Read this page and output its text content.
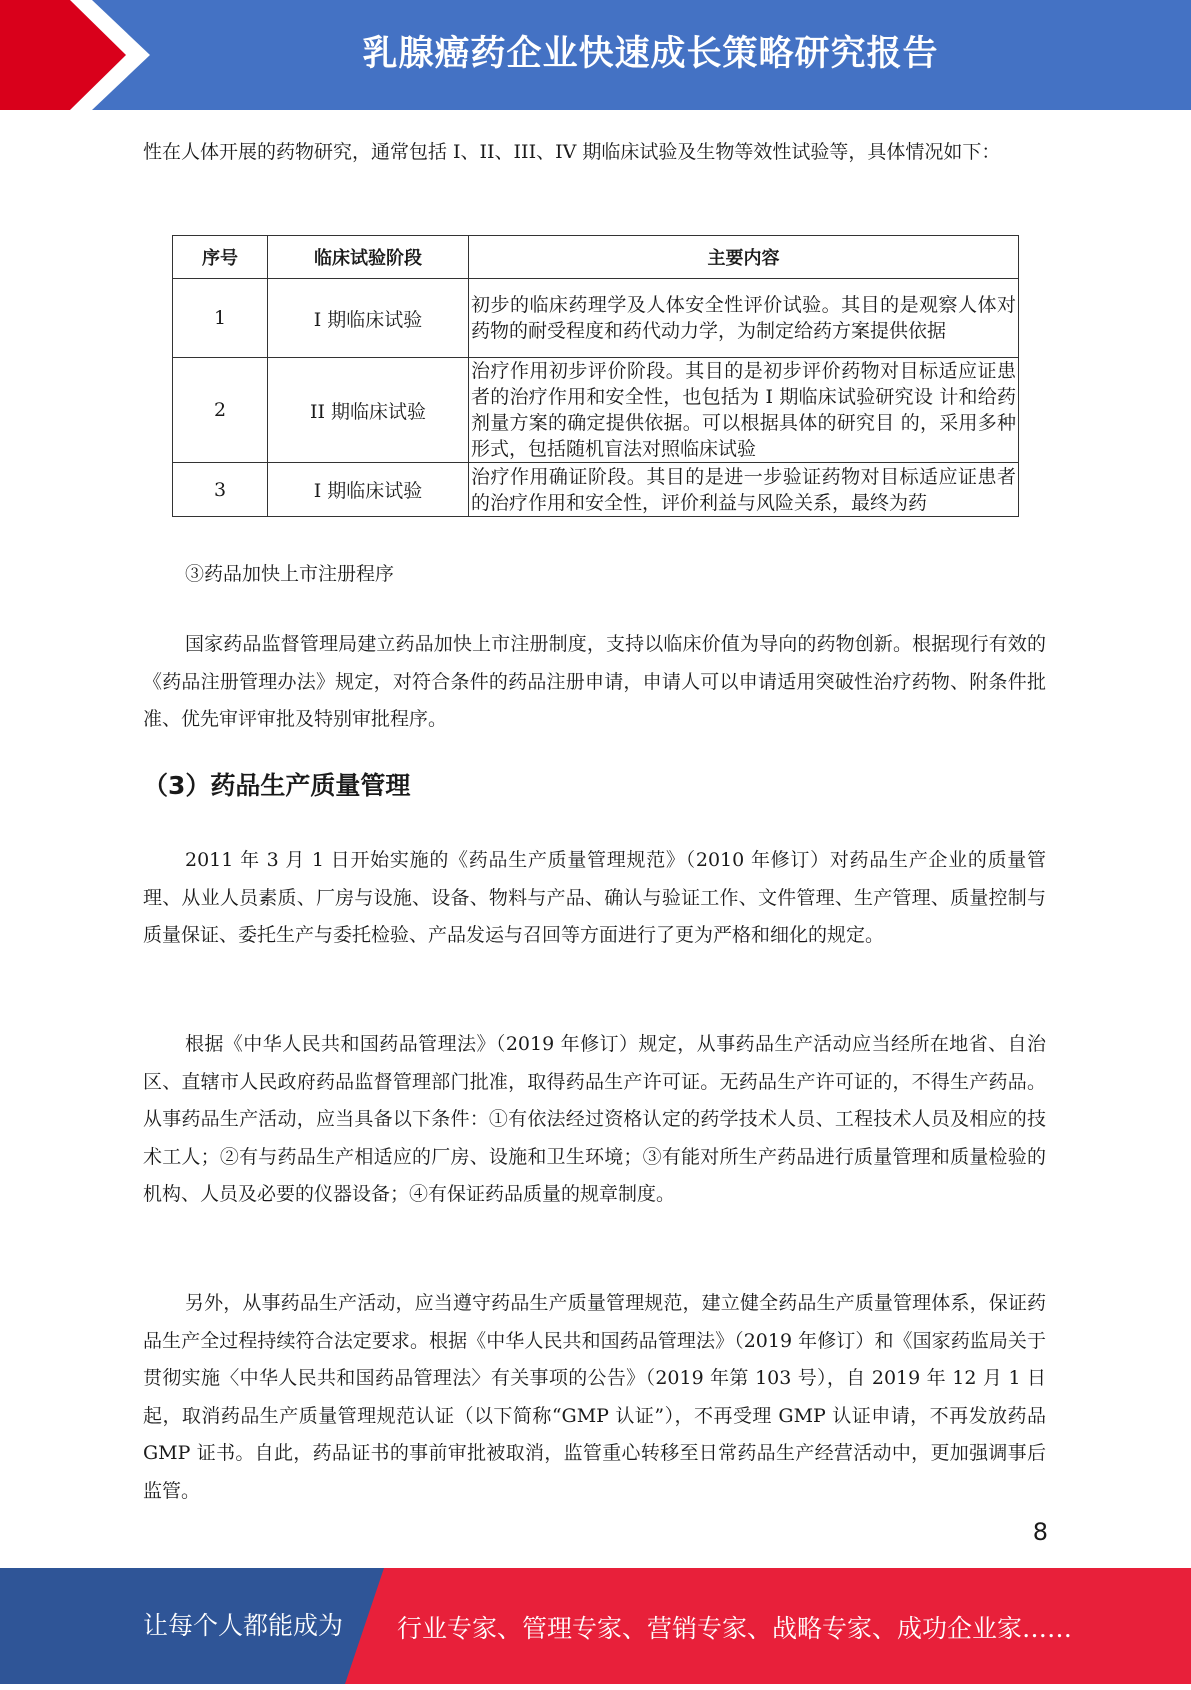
乳腺癌药企业快速成长策略研究报告

性在人体开展的药物研究，通常包括 I、II、III、IV 期临床试验及生物等效性试验等，具体情况如下：

序号	临床试验阶段	主要内容
1	I 期临床试验	初步的临床药理学及人体安全性评价试验。其目的是观察人体对药物的耐受程度和药代动力学，为制定给药方案提供依据
2	II 期临床试验	治疗作用初步评价阶段。其目的是初步评价药物对目标适应证患者的治疗作用和安全性，也包括为 I 期临床试验研究设 计和给药剂量方案的确定提供依据。可以根据具体的研究目 的，采用多种形式，包括随机盲法对照临床试验
3	I 期临床试验	治疗作用确证阶段。其目的是进一步验证药物对目标适应证患者的治疗作用和安全性，评价利益与风险关系，最终为药

③药品加快上市注册程序

国家药品监督管理局建立药品加快上市注册制度，支持以临床价值为导向的药物创新。根据现行有效的《药品注册管理办法》规定，对符合条件的药品注册申请，申请人可以申请适用突破性治疗药物、附条件批准、优先审评审批及特别审批程序。

（3）药品生产质量管理

2011 年 3 月 1 日开始实施的《药品生产质量管理规范》（2010 年修订）对药品生产企业的质量管理、从业人员素质、厂房与设施、设备、物料与产品、确认与验证工作、文件管理、生产管理、质量控制与质量保证、委托生产与委托检验、产品发运与召回等方面进行了更为严格和细化的规定。

根据《中华人民共和国药品管理法》（2019 年修订）规定，从事药品生产活动应当经所在地省、自治区、直辖市人民政府药品监督管理部门批准，取得药品生产许可证。无药品生产许可证的，不得生产药品。从事药品生产活动，应当具备以下条件：①有依法经过资格认定的药学技术人员、工程技术人员及相应的技术工人；②有与药品生产相适应的厂房、设施和卫生环境；③有能对所生产药品进行质量管理和质量检验的机构、人员及必要的仪器设备；④有保证药品质量的规章制度。

另外，从事药品生产活动，应当遵守药品生产质量管理规范，建立健全药品生产质量管理体系，保证药品生产全过程持续符合法定要求。根据《中华人民共和国药品管理法》（2019 年修订）和《国家药监局关于贯彻实施〈中华人民共和国药品管理法〉有关事项的公告》（2019 年第 103 号），自 2019 年 12 月 1 日起，取消药品生产质量管理规范认证（以下简称“GMP 认证”），不再受理 GMP 认证申请，不再发放药品 GMP 证书。自此，药品证书的事前审批被取消，监管重心转移至日常药品生产经营活动中，更加强调事后监管。

8
让每个人都能成为 行业专家、管理专家、营销专家、战略专家、成功企业家……
